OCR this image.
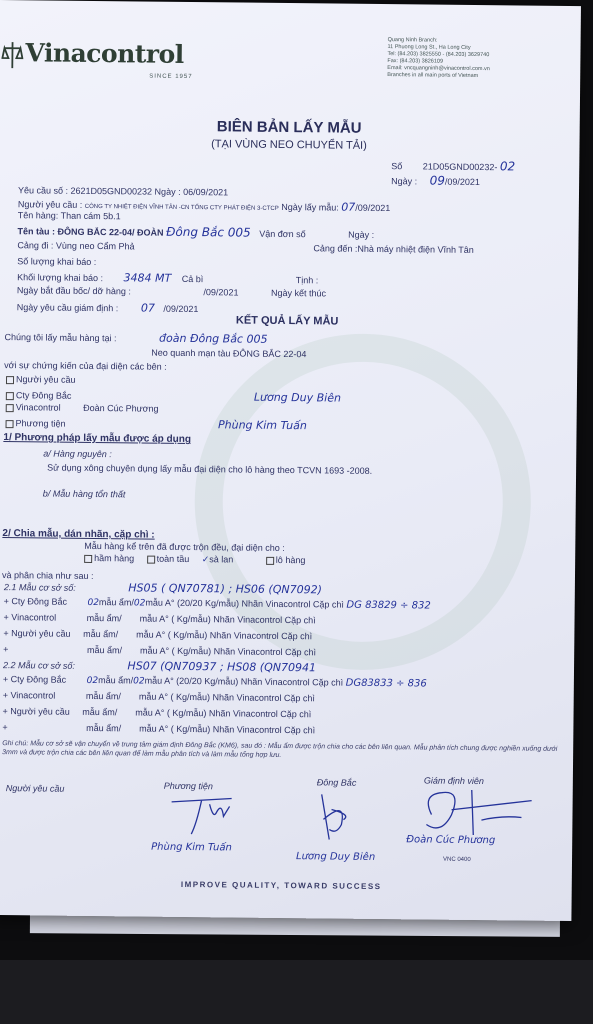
Vinacontrol
SINCE 1957
Quang Ninh Branch:
11 Phuong Long St., Ha Long City
Tel: (84.203) 3825550 - (84.203) 3629740
Fax: (84.203) 3826109
Email: vncquangninh@vinacontrol.com.vn
Branches in all main ports of Vietnam
BIÊN BẢN LẤY MẪU
(TẠI VÙNG NEO CHUYỂN TẢI)
Số 21D05GND00232- 02
Ngày : 09/09/2021
Yêu cầu số : 2621D05GND00232 Ngày : 06/09/2021
Người yêu cầu : CÔNG TY NHIỆT ĐIỆN VĨNH TÂN -CN TỔNG CTY PHÁT ĐIỆN 3-CTCP Ngày lấy mẫu: 07/09/2021
Tên hàng: Than cám 5b.1
Tên tàu : ĐÔNG BẮC 22-04/ ĐOÀN Đông Bắc 005 Vận đơn số	Ngày :
Cảng đi : Vùng neo Cẩm Phả	Cảng đến :Nhà máy nhiệt điện Vĩnh Tân
Số lượng khai báo :
Khối lượng khai báo : 3484 MT Cả bì	Tịnh :
Ngày bắt đầu bốc/ dỡ hàng :	/09/2021	Ngày kết thúc
Ngày yêu cầu giám định : 07 /09/2021
KẾT QUẢ LẤY MẪU
Chúng tôi lấy mẫu hàng tại :	đoàn Đông Bắc 005
Neo quanh mạn tàu ĐÔNG BẮC 22-04
với sự chứng kiến của đại diện các bên :
Người yêu cầu
Cty Đông Bắc	Lương Duy Biên
Vinacontrol Đoàn Cúc Phương
Phương tiện	Phùng Kim Tuấn
1/ Phương pháp lấy mẫu được áp dụng
a/ Hàng nguyên :
Sử dụng xông chuyên dụng lấy mẫu đại diện cho lô hàng theo TCVN 1693 -2008.
b/ Mẫu hàng tổn thất
2/ Chia mẫu, dán nhãn, cặp chì :
Mẫu hàng kể trên đã được trộn đều, đại diện cho :
hầm hàng toàn tầu ✓sà lan	lô hàng
và phân chia như sau :
2.1 Mẫu cơ sở số:	HS05 ( QN70781) ; HS06 (QN7092)
+ Cty Đông Bắc 02mẫu ẩm/02mẫu A° (20/20 Kg/mẫu) Nhãn Vinacontrol Cặp chì DG 83829 ÷ 832
+ Vinacontrol	mẫu ẩm/ mẫu A° ( Kg/mẫu) Nhãn Vinacontrol Cặp chì
+ Người yêu cầu mẫu ẩm/ mẫu A° ( Kg/mẫu) Nhãn Vinacontrol Cặp chì
+	mẫu ẩm/ mẫu A° ( Kg/mẫu) Nhãn Vinacontrol Cặp chì
2.2 Mẫu cơ sở số:	HS07 (QN70937 ; HS08 (QN70941
+ Cty Đông Bắc 02mẫu ẩm/02mẫu A° (20/20 Kg/mẫu) Nhãn Vinacontrol Cặp chì DG83833 ÷ 836
+ Vinacontrol	mẫu ẩm/ mẫu A° ( Kg/mẫu) Nhãn Vinacontrol Cặp chì
+ Người yêu cầu mẫu ẩm/ mẫu A° ( Kg/mẫu) Nhãn Vinacontrol Cặp chì
+	mẫu ẩm/ mẫu A° ( Kg/mẫu) Nhãn Vinacontrol Cặp chì
Ghi chú: Mẫu cơ sở sẽ vận chuyển về trung tâm giám định Đông Bắc (KM6), sau đó : Mẫu ẩm được trộn chia cho các bên liên quan. Mẫu phân tích chung được nghiền xuống dưới 3mm và được trộn chia các bên liên quan để làm mẫu phân tích và làm mẫu tổng hợp lưu.
Người yêu cầu	Phương tiện	Đông Bắc	Giám định viên
Phùng Kim Tuấn
Lương Duy Biên
Đoàn Cúc Phương
VNC 0400
IMPROVE QUALITY, TOWARD SUCCESS
